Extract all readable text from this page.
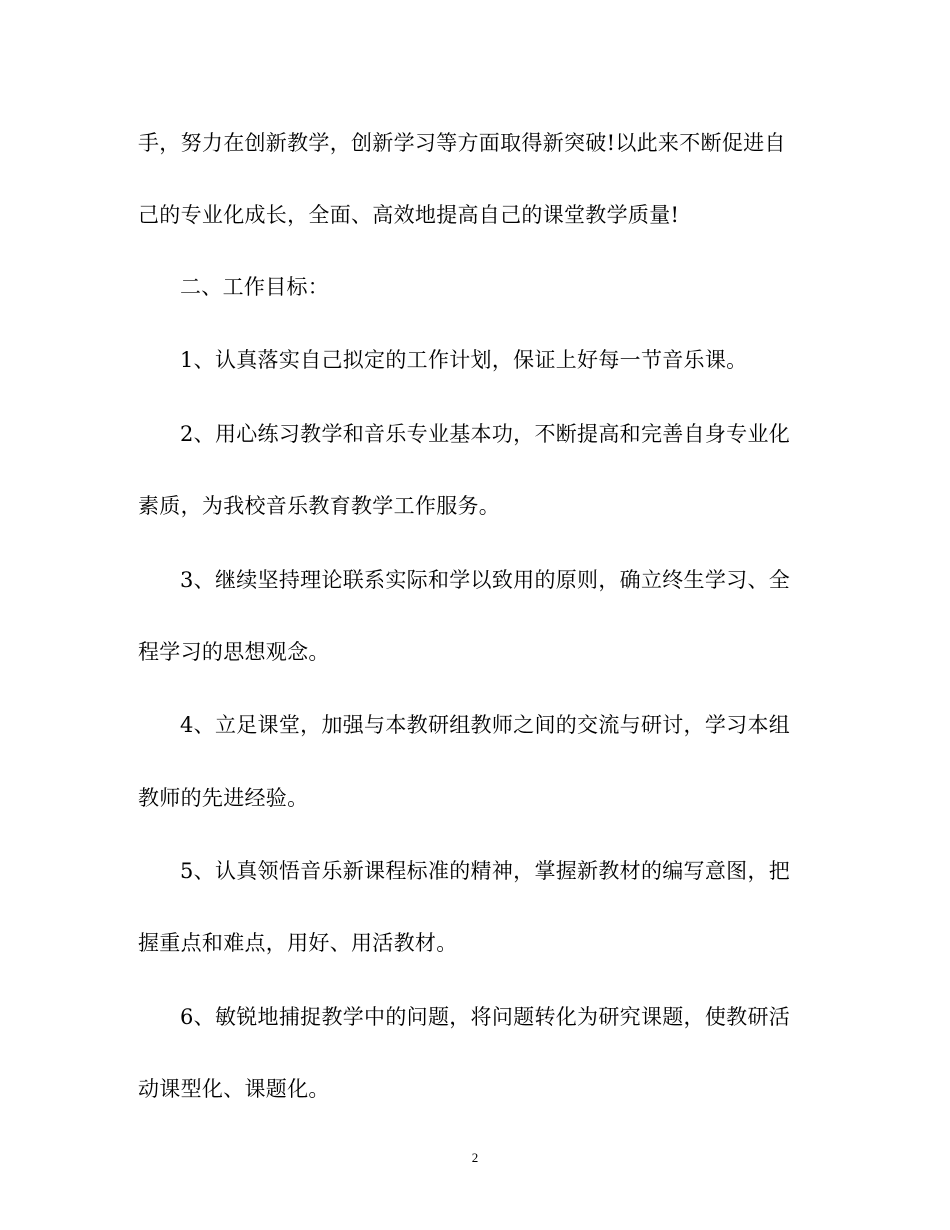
手，努力在创新教学，创新学习等方面取得新突破!以此来不断促进自
己的专业化成长，全面、高效地提高自己的课堂教学质量!
二、工作目标：
1、认真落实自己拟定的工作计划，保证上好每一节音乐课。
2、用心练习教学和音乐专业基本功，不断提高和完善自身专业化
素质，为我校音乐教育教学工作服务。
3、继续坚持理论联系实际和学以致用的原则，确立终生学习、全
程学习的思想观念。
4、立足课堂，加强与本教研组教师之间的交流与研讨，学习本组
教师的先进经验。
5、认真领悟音乐新课程标准的精神，掌握新教材的编写意图，把
握重点和难点，用好、用活教材。
6、敏锐地捕捉教学中的问题，将问题转化为研究课题，使教研活
动课型化、课题化。
2
